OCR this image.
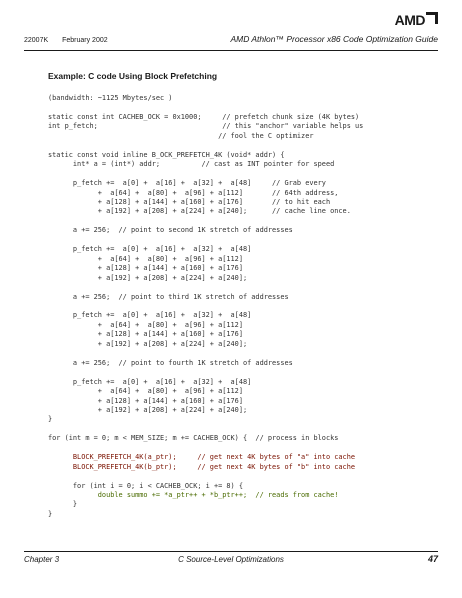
AMD
22007K February 2002	AMD Athlon™ Processor x86 Code Optimization Guide
Example: C code Using Block Prefetching
(bandwidth: ~1125 Mbytes/sec )

static const int CACHEB_OCK = 0x1000;     // prefetch chunk size (4K bytes)
int p_fetch;                              // this "anchor" variable helps us
// fool the C optimizer

static const void inline B_OCK_PREFETCH_4K (void* addr) {
int* a = (int*) addr;          // cast as INT pointer for speed

p_fetch +=  a[0] +  a[16] +  a[32] +  a[48]     // Grab every
+  a[64] +  a[80] +  a[96] + a[112]       // 64th address,
+ a[128] + a[144] + a[160] + a[176]       // to hit each
+ a[192] + a[208] + a[224] + a[240];      // cache line once.

a += 256;  // point to second 1K stretch of addresses

p_fetch +=  a[0] +  a[16] +  a[32] +  a[48]
+  a[64] +  a[80] +  a[96] + a[112]
+ a[128] + a[144] + a[160] + a[176]
+ a[192] + a[208] + a[224] + a[240];

a += 256;  // point to third 1K stretch of addresses

p_fetch +=  a[0] +  a[16] +  a[32] +  a[48]
+  a[64] +  a[80] +  a[96] + a[112]
+ a[128] + a[144] + a[160] + a[176]
+ a[192] + a[208] + a[224] + a[240];

a += 256;  // point to fourth 1K stretch of addresses

p_fetch +=  a[0] +  a[16] +  a[32] +  a[48]
+  a[64] +  a[80] +  a[96] + a[112]
+ a[128] + a[144] + a[160] + a[176]
+ a[192] + a[208] + a[224] + a[240];
}

for (int m = 0; m < MEM_SIZE; m += CACHEB_OCK) {  // process in blocks

BLOCK_PREFETCH_4K(a_ptr);     // get next 4K bytes of "a" into cache
BLOCK_PREFETCH_4K(b_ptr);     // get next 4K bytes of "b" into cache

for (int i = 0; i < CACHEB_OCK; i += 8) {
double summo += *a_ptr++ + *b_ptr++;  // reads from cache!
}
}

Chapter 3	C Source-Level Optimizations	47
